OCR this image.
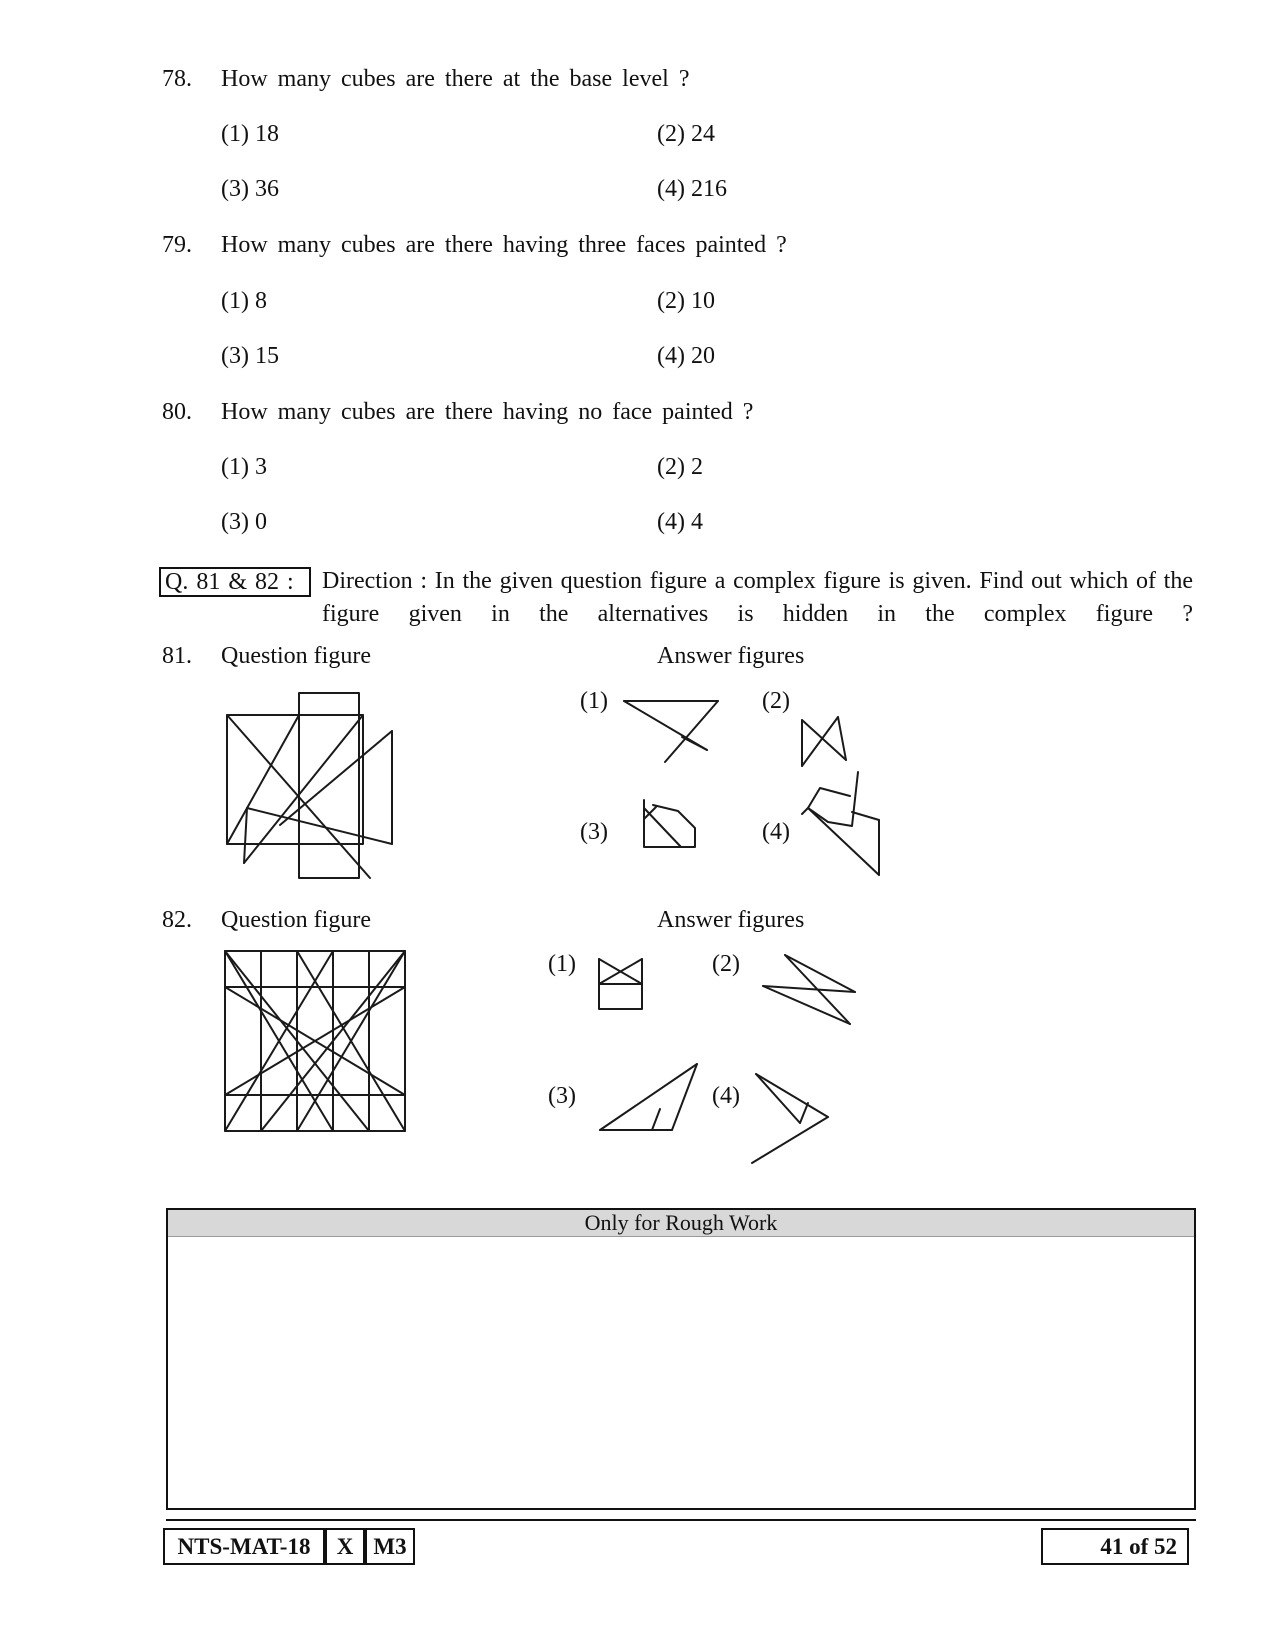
78. How many cubes are there at the base level ?
(1) 18	(2) 24
(3) 36	(4) 216
79. How many cubes are there having three faces painted ?
(1) 8	(2) 10
(3) 15	(4) 20
80. How many cubes are there having no face painted ?
(1) 3	(2) 2
(3) 0	(4) 4
Q. 81 & 82 :	Direction : In the given question figure a complex figure is given. Find out which of the figure given in the alternatives is hidden in the complex figure ?
81. Question figure	Answer figures
(1)	(2)
(3)	(4)
82. Question figure	Answer figures
(1)	(2)
(3)	(4)
Only for Rough Work
NTS-MAT-18	X M3	41 of 52
